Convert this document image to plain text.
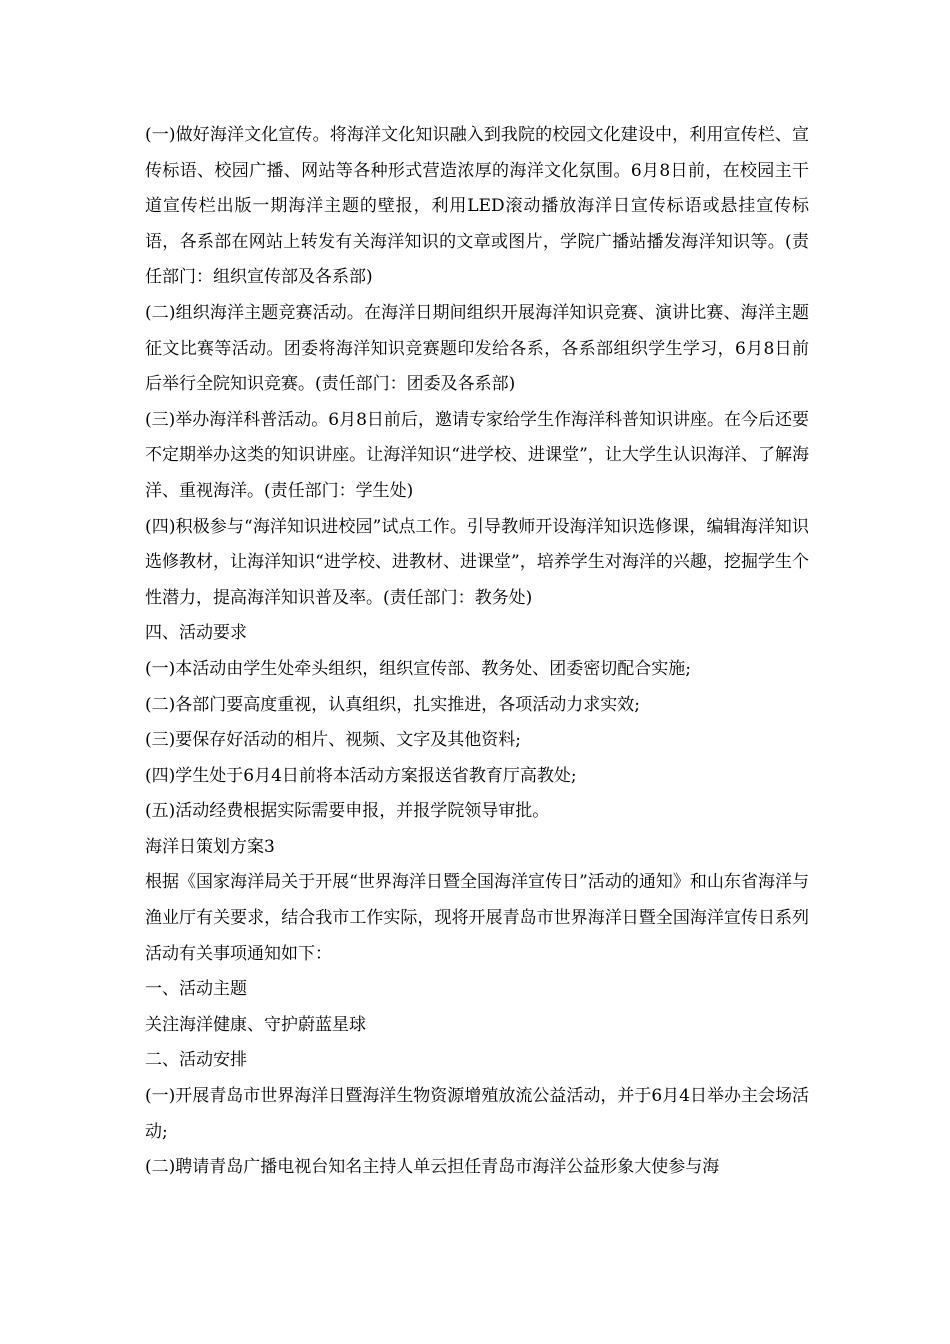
(一)做好海洋文化宣传。将海洋文化知识融入到我院的校园文化建设中，利用宣传栏、宣传标语、校园广播、网站等各种形式营造浓厚的海洋文化氛围。6月8日前，在校园主干道宣传栏出版一期海洋主题的壁报，利用LED滚动播放海洋日宣传标语或悬挂宣传标语，各系部在网站上转发有关海洋知识的文章或图片，学院广播站播发海洋知识等。(责任部门：组织宣传部及各系部)

(二)组织海洋主题竞赛活动。在海洋日期间组织开展海洋知识竞赛、演讲比赛、海洋主题征文比赛等活动。团委将海洋知识竞赛题印发给各系，各系部组织学生学习，6月8日前后举行全院知识竞赛。(责任部门：团委及各系部)

(三)举办海洋科普活动。6月8日前后，邀请专家给学生作海洋科普知识讲座。在今后还要不定期举办这类的知识讲座。让海洋知识“进学校、进课堂”，让大学生认识海洋、了解海洋、重视海洋。(责任部门：学生处)

(四)积极参与“海洋知识进校园”试点工作。引导教师开设海洋知识选修课，编辑海洋知识选修教材，让海洋知识“进学校、进教材、进课堂”，培养学生对海洋的兴趣，挖掘学生个性潜力，提高海洋知识普及率。(责任部门：教务处)

四、活动要求

(一)本活动由学生处牵头组织，组织宣传部、教务处、团委密切配合实施;

(二)各部门要高度重视，认真组织，扎实推进，各项活动力求实效;

(三)要保存好活动的相片、视频、文字及其他资料;

(四)学生处于6月4日前将本活动方案报送省教育厅高教处;

(五)活动经费根据实际需要申报，并报学院领导审批。

海洋日策划方案3

根据《国家海洋局关于开展“世界海洋日暨全国海洋宣传日”活动的通知》和山东省海洋与渔业厅有关要求，结合我市工作实际，现将开展青岛市世界海洋日暨全国海洋宣传日系列活动有关事项通知如下：

一、活动主题

关注海洋健康、守护蔚蓝星球

二、活动安排

(一)开展青岛市世界海洋日暨海洋生物资源增殖放流公益活动，并于6月4日举办主会场活动;

(二)聘请青岛广播电视台知名主持人单云担任青岛市海洋公益形象大使参与海
